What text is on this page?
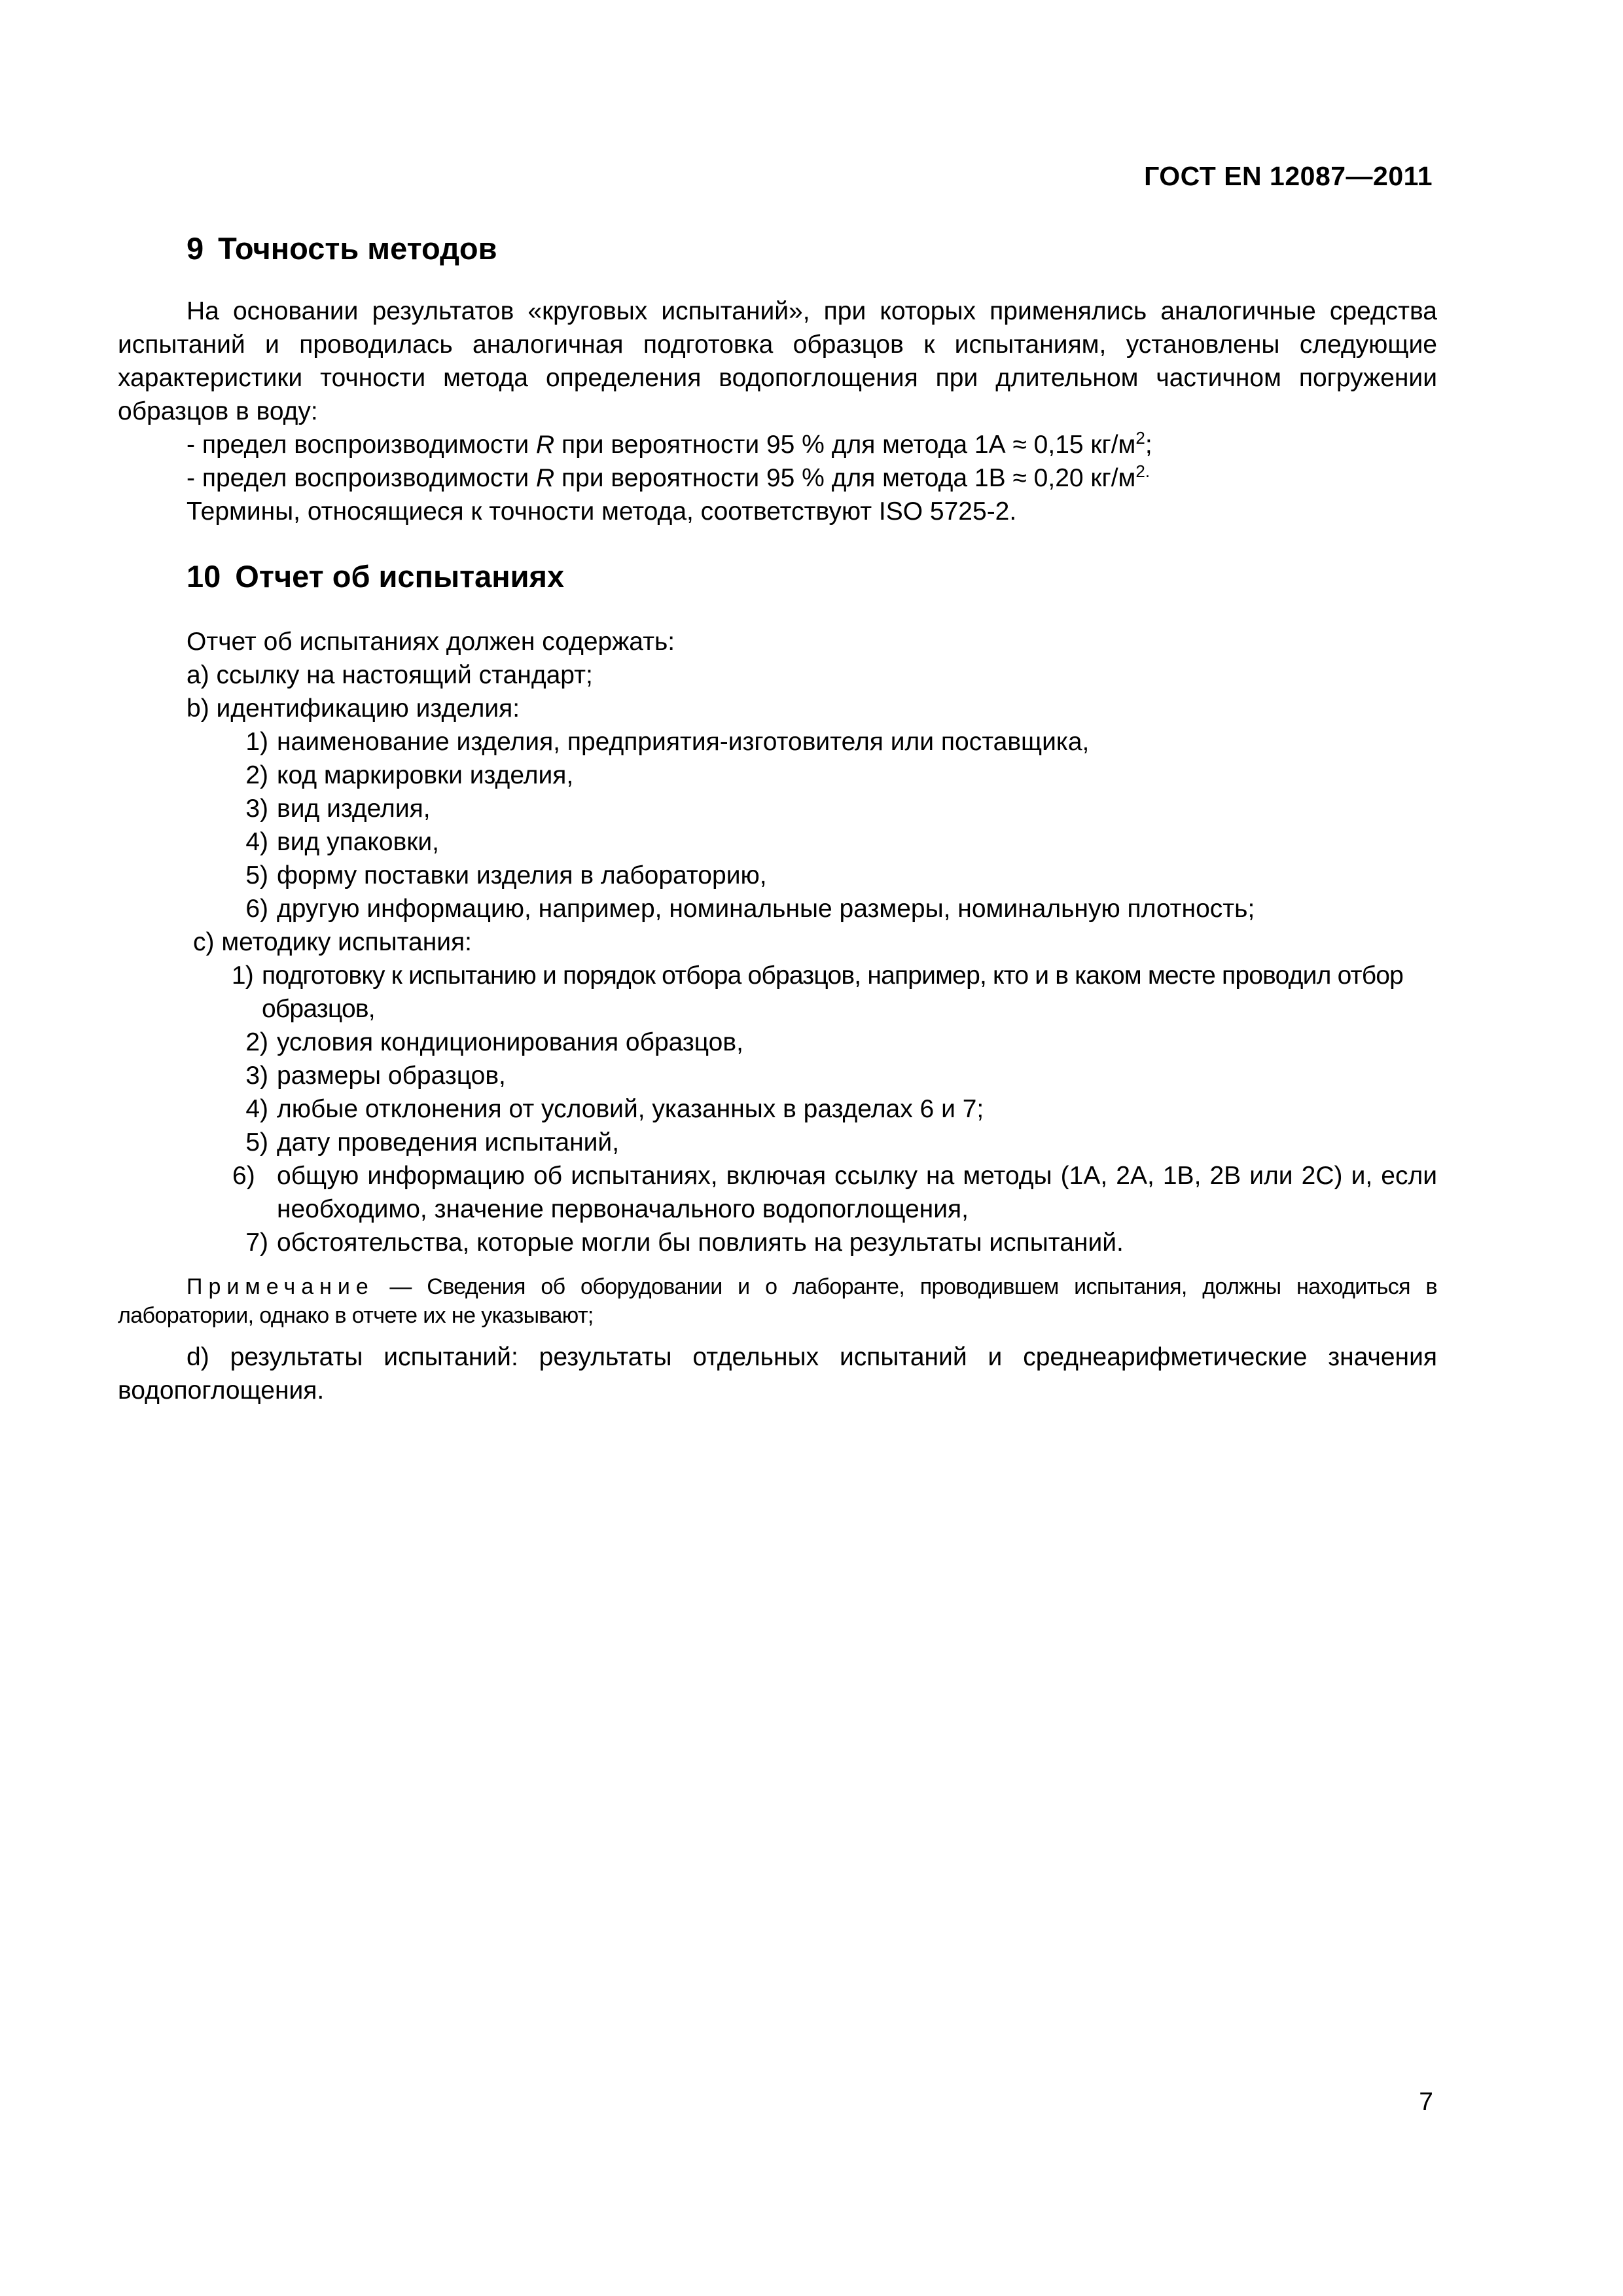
ГОСТ EN 12087—2011
9 Точность методов

На основании результатов «круговых испытаний», при которых применялись аналогичные средства испытаний и проводилась аналогичная подготовка образцов к испытаниям, установлены следующие характеристики точности метода определения водопоглощения при длительном частичном погружении образцов в воду:

- предел воспроизводимости R при вероятности 95 % для метода 1А ≈ 0,15 $кг/м^2$;

- предел воспроизводимости R при вероятности 95 % для метода 1В ≈ 0,20 $кг/м^{2.}$

Термины, относящиеся к точности метода, соответствуют ISO 5725-2.

10 Отчет об испытаниях

Отчет об испытаниях должен содержать:

a) ссылку на настоящий стандарт;

b) идентификацию изделия:

1) наименование изделия, предприятия-изготовителя или поставщика,

2) код маркировки изделия,

3) вид изделия,

4) вид упаковки,

5) форму поставки изделия в лабораторию,

6) другую информацию, например, номинальные размеры, номинальную плотность;

c) методику испытания:

1) подготовку к испытанию и порядок отбора образцов, например, кто и в каком месте проводил отбор образцов,

2) условия кондиционирования образцов,

3) размеры образцов,

4) любые отклонения от условий, указанных в разделах 6 и 7;

5) дату проведения испытаний,

6) общую информацию об испытаниях, включая ссылку на методы (1А, 2А, 1В, 2В или 2С) и, если необходимо, значение первоначального водопоглощения,

7) обстоятельства, которые могли бы повлиять на результаты испытаний.

Примечание — Сведения об оборудовании и о лаборанте, проводившем испытания, должны находиться в лаборатории, однако в отчете их не указывают;

d) результаты испытаний: результаты отдельных испытаний и среднеарифметические значения водопоглощения.

7
